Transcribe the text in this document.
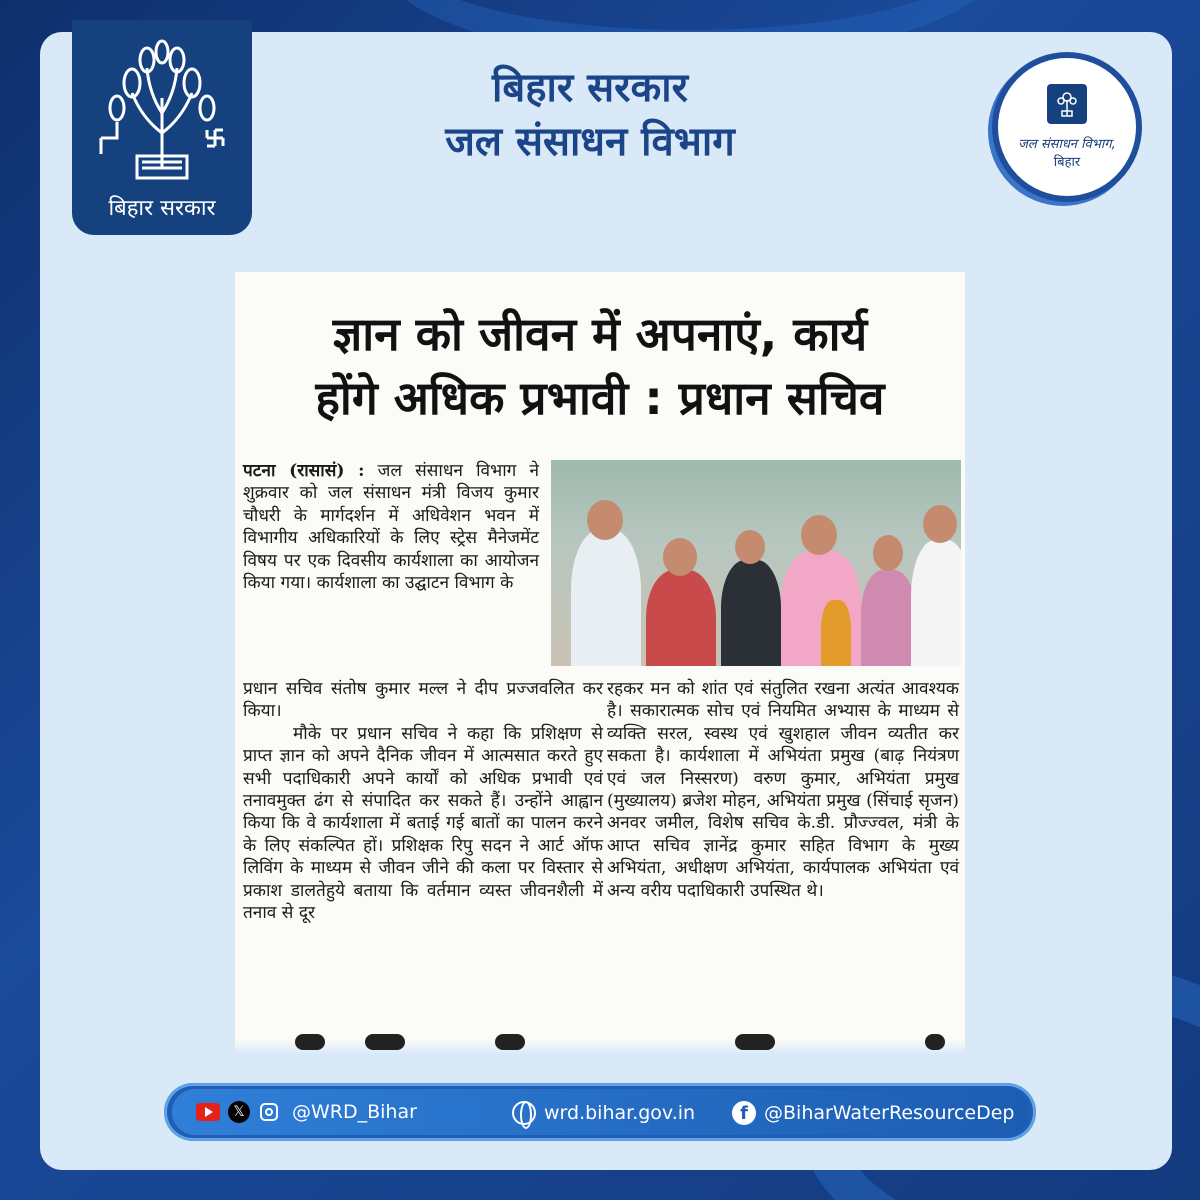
बिहार सरकार
बिहार सरकार
जल संसाधन विभाग	जल संसाधन विभाग,
बिहार
ज्ञान को जीवन में अपनाएं, कार्य
होंगे अधिक प्रभावी : प्रधान सचिव

पटना (रासासं) : जल संसाधन विभाग ने शुक्रवार को जल संसाधन मंत्री विजय कुमार चौधरी के मार्गदर्शन में अधिवेशन भवन में विभागीय अधिकारियों के लिए स्ट्रेस मैनेजमेंट विषय पर एक दिवसीय कार्यशाला का आयोजन किया गया। कार्यशाला का उद्घाटन विभाग के

प्रधान सचिव संतोष कुमार मल्ल ने दीप प्रज्जवलित कर किया।

मौके पर प्रधान सचिव ने कहा कि प्रशिक्षण से प्राप्त ज्ञान को अपने दैनिक जीवन में आत्मसात करते हुए सभी पदाधिकारी अपने कार्यों को अधिक प्रभावी एवं तनावमुक्त ढंग से संपादित कर सकते हैं। उन्होंने आह्वान किया कि वे कार्यशाला में बताई गई बातों का पालन करने के लिए संकल्पित हों। प्रशिक्षक रिपु सदन ने आर्ट ऑफ लिविंग के माध्यम से जीवन जीने की कला पर विस्तार से प्रकाश डालतेहुये बताया कि वर्तमान व्यस्त जीवनशैली में तनाव से दूर

रहकर मन को शांत एवं संतुलित रखना अत्यंत आवश्यक है। सकारात्मक सोच एवं नियमित अभ्यास के माध्यम से व्यक्ति सरल, स्वस्थ एवं खुशहाल जीवन व्यतीत कर सकता है। कार्यशाला में अभियंता प्रमुख (बाढ़ नियंत्रण एवं जल निस्सरण) वरुण कुमार, अभियंता प्रमुख (मुख्यालय) ब्रजेश मोहन, अभियंता प्रमुख (सिंचाई सृजन) अनवर जमील, विशेष सचिव के.डी. प्रौज्ज्वल, मंत्री के आप्त सचिव ज्ञानेंद्र कुमार सहित विभाग के मुख्य अभियंता, अधीक्षण अभियंता, कार्यपालक अभियंता एवं अन्य वरीय पदाधिकारी उपस्थित थे।

𝕏 @WRD_Bihar	wrd.bihar.gov.in	f @BiharWaterResourceDep
